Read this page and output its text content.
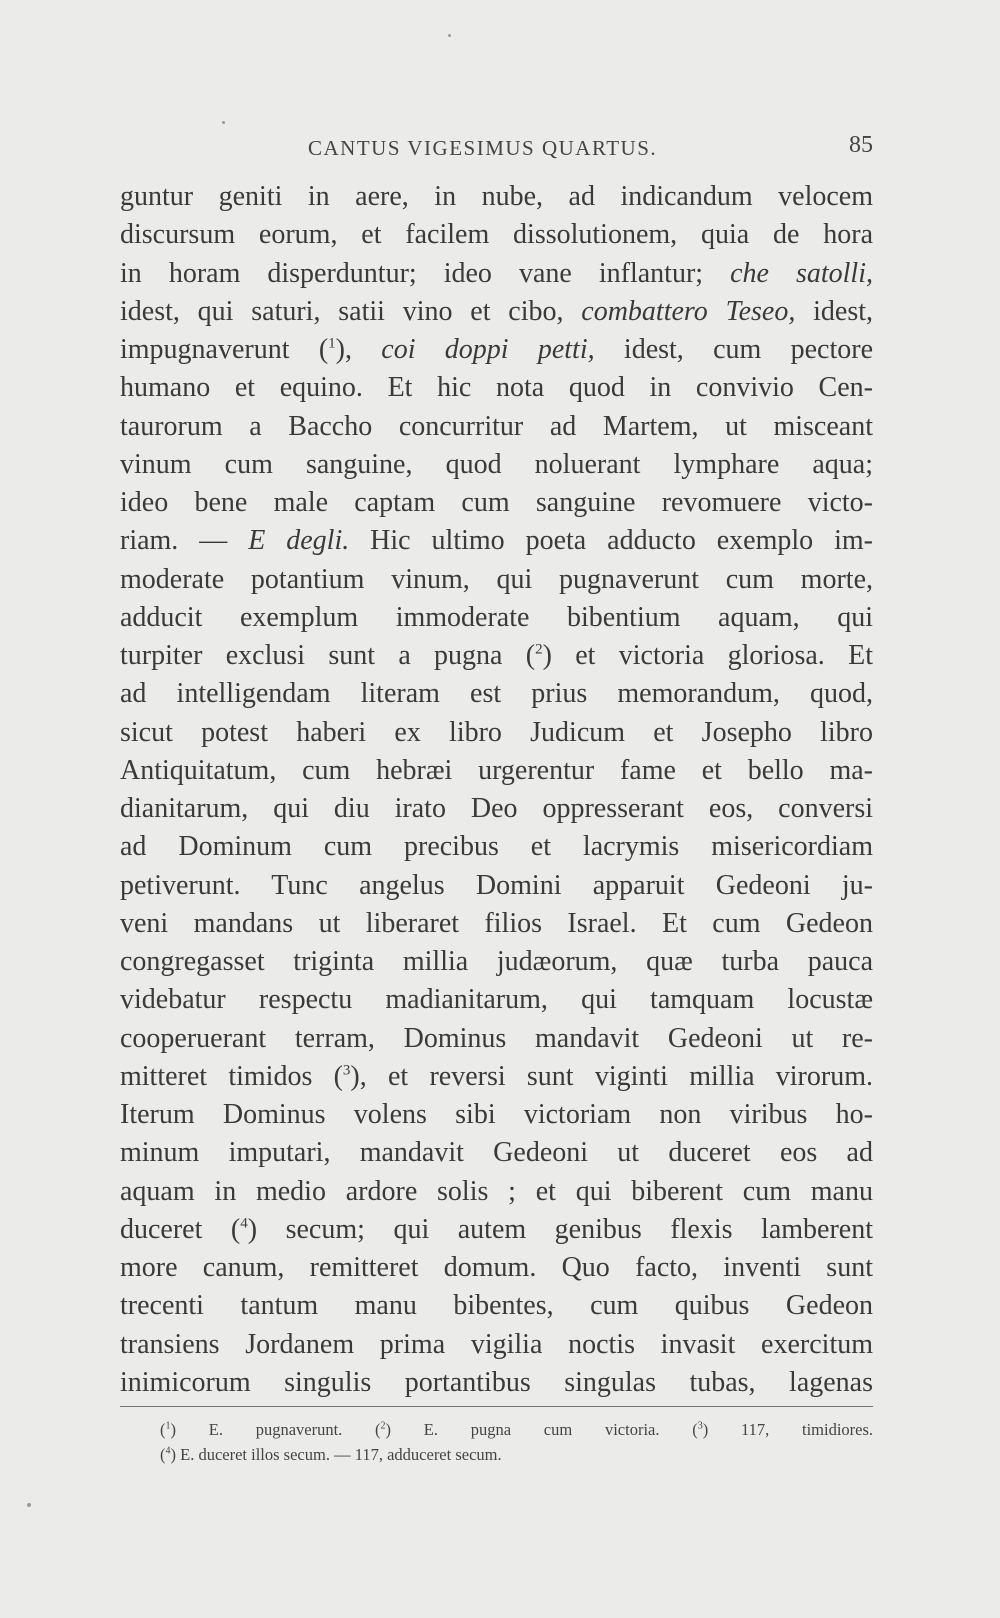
CANTUS VIGESIMUS QUARTUS.	85
guntur geniti in aere, in nube, ad indicandum velocem
discursum eorum, et facilem dissolutionem, quia de hora
in horam disperduntur; ideo vane inflantur; che satolli,
idest, qui saturi, satii vino et cibo, combattero Teseo, idest,
impugnaverunt ($^1$), coi doppi petti, idest, cum pectore
humano et equino. Et hic nota quod in convivio Cen-
taurorum a Baccho concurritur ad Martem, ut misceant
vinum cum sanguine, quod noluerant lymphare aqua;
ideo bene male captam cum sanguine revomuere victo-
riam. — E degli. Hic ultimo poeta adducto exemplo im-
moderate potantium vinum, qui pugnaverunt cum morte,
adducit exemplum immoderate bibentium aquam, qui
turpiter exclusi sunt a pugna ($^2$) et victoria gloriosa. Et
ad intelligendam literam est prius memorandum, quod,
sicut potest haberi ex libro Judicum et Josepho libro
Antiquitatum, cum hebræi urgerentur fame et bello ma-
dianitarum, qui diu irato Deo oppresserant eos, conversi
ad Dominum cum precibus et lacrymis misericordiam
petiverunt. Tunc angelus Domini apparuit Gedeoni ju-
veni mandans ut liberaret filios Israel. Et cum Gedeon
congregasset triginta millia judæorum, quæ turba pauca
videbatur respectu madianitarum, qui tamquam locustæ
cooperuerant terram, Dominus mandavit Gedeoni ut re-
mitteret timidos ($^3$), et reversi sunt viginti millia virorum.
Iterum Dominus volens sibi victoriam non viribus ho-
minum imputari, mandavit Gedeoni ut duceret eos ad
aquam in medio ardore solis ; et qui biberent cum manu
duceret ($^4$) secum; qui autem genibus flexis lamberent
more canum, remitteret domum. Quo facto, inventi sunt
trecenti tantum manu bibentes, cum quibus Gedeon
transiens Jordanem prima vigilia noctis invasit exercitum
inimicorum singulis portantibus singulas tubas, lagenas
($^1$) E. pugnaverunt. ($^2$) E. pugna cum victoria. ($^3$) 117, timidiores.
($^4$) E. duceret illos secum. — 117, adduceret secum.
